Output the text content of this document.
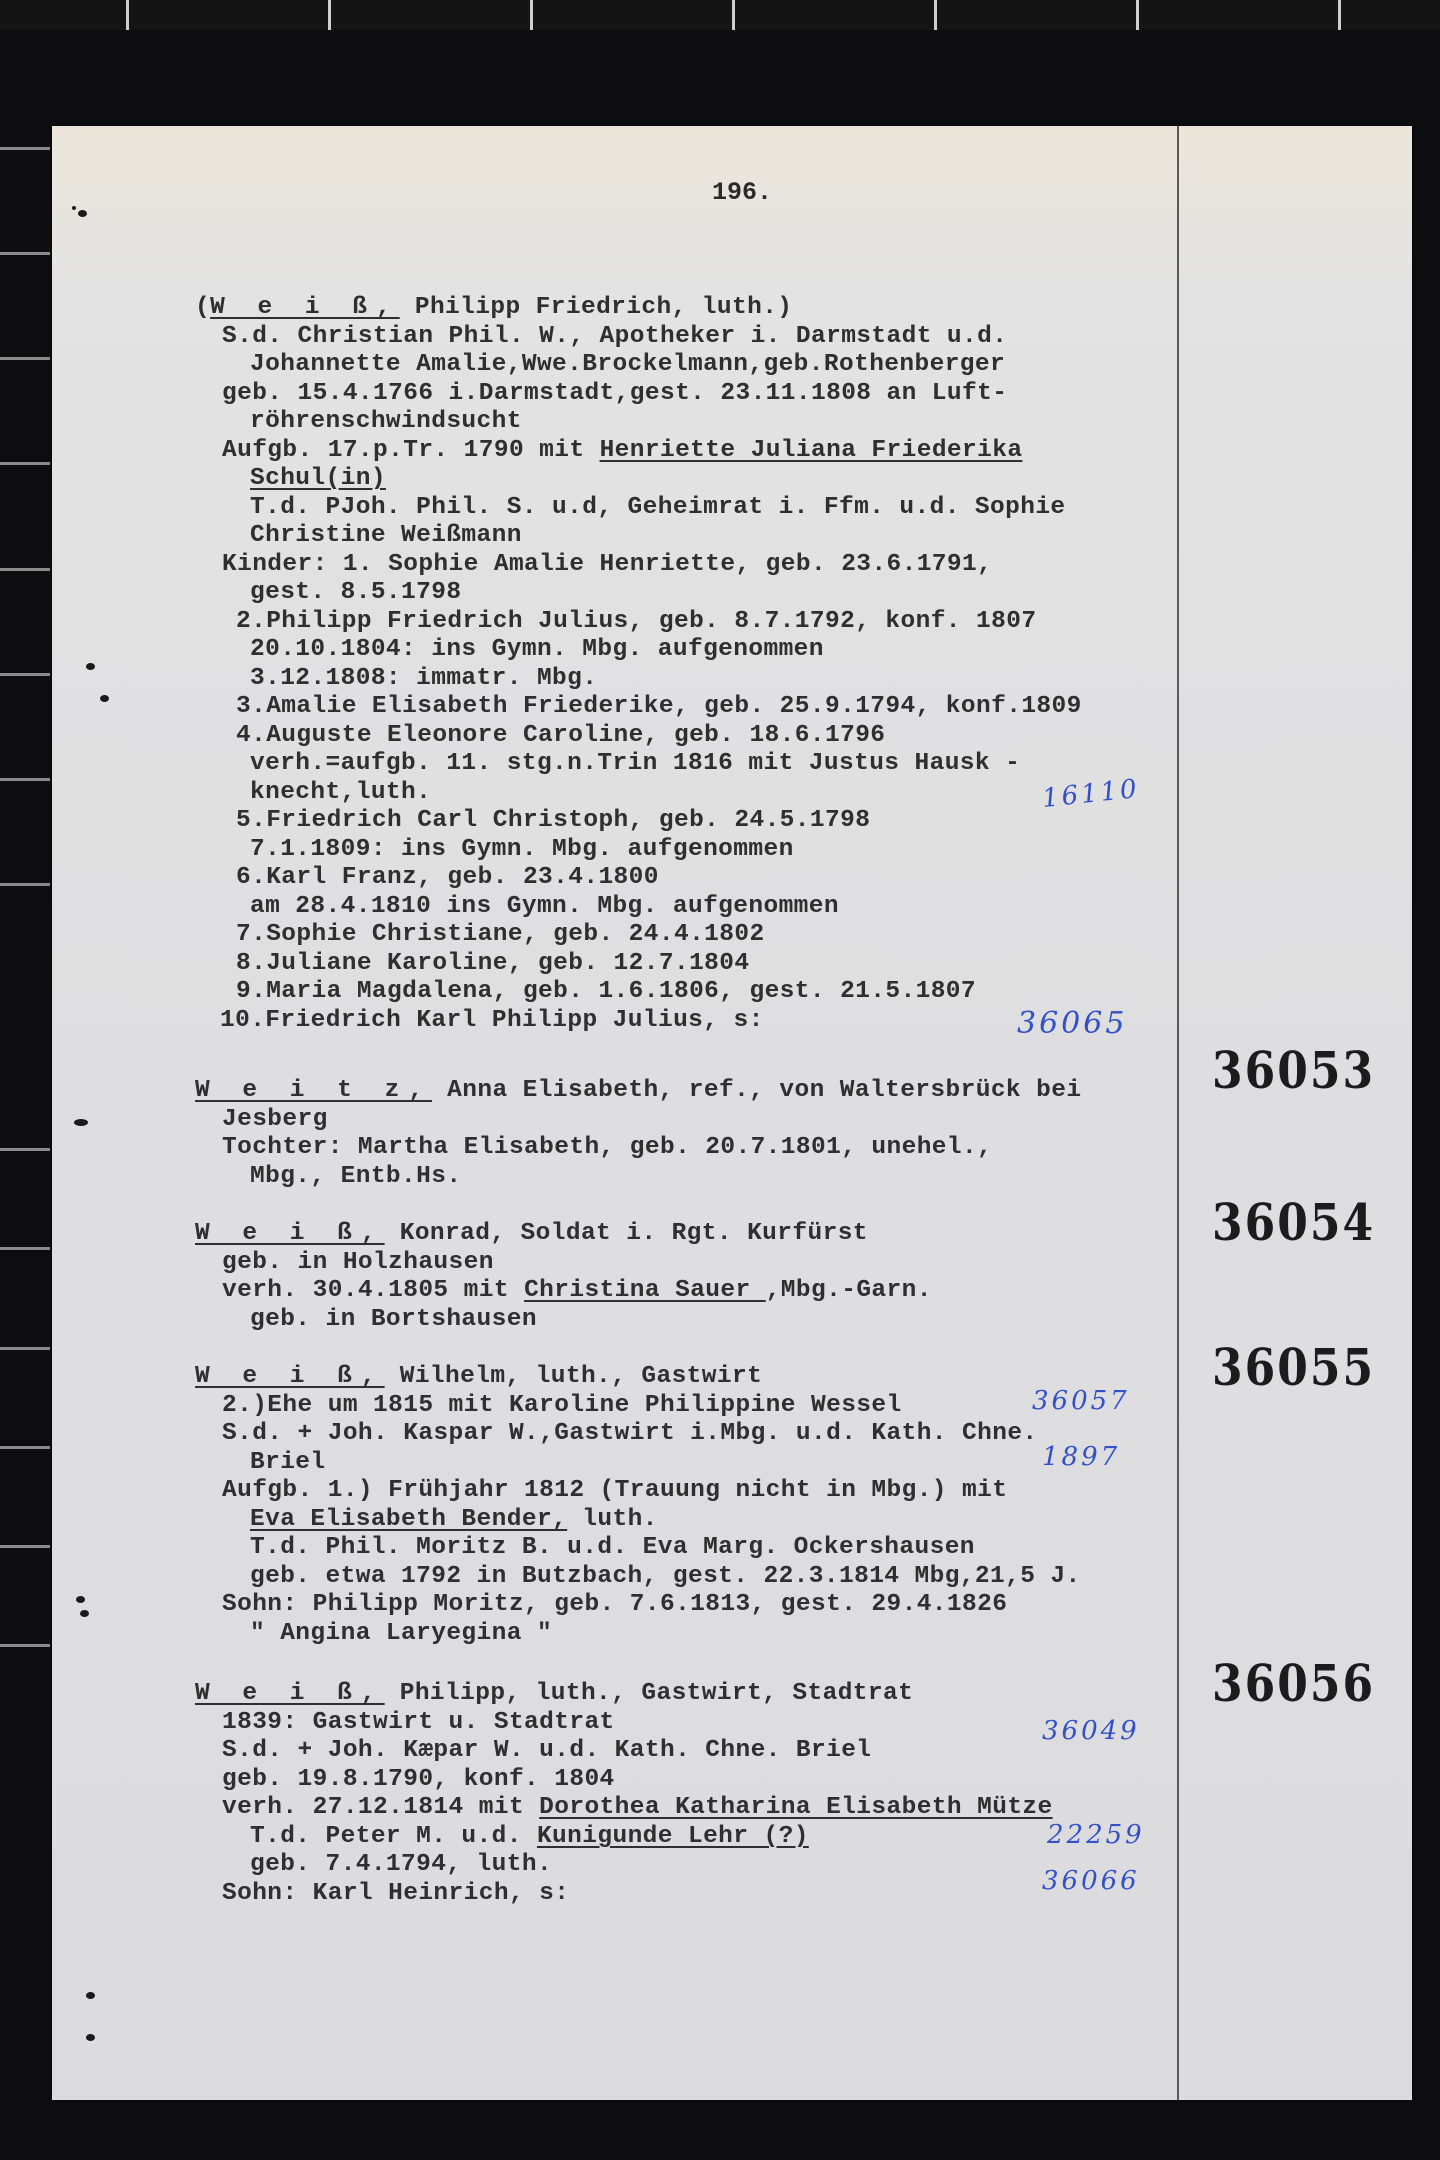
196.
(W e i ß, Philipp Friedrich, luth.)
S.d. Christian Phil. W., Apotheker i. Darmstadt u.d.
Johannette Amalie,Wwe.Brockelmann,geb.Rothenberger
geb. 15.4.1766 i.Darmstadt,gest. 23.11.1808 an Luft-
röhrenschwindsucht
Aufgb. 17.p.Tr. 1790 mit Henriette Juliana Friederika
Schul(in)
T.d. PJoh. Phil. S. u.d, Geheimrat i. Ffm. u.d. Sophie
Christine Weißmann
Kinder: 1. Sophie Amalie Henriette, geb. 23.6.1791,
gest. 8.5.1798
2.Philipp Friedrich Julius, geb. 8.7.1792, konf. 1807
20.10.1804: ins Gymn. Mbg. aufgenommen
3.12.1808: immatr. Mbg.
3.Amalie Elisabeth Friederike, geb. 25.9.1794, konf.1809
4.Auguste Eleonore Caroline, geb. 18.6.1796
verh.=aufgb. 11. stg.n.Trin 1816 mit Justus Hausk -
knecht,luth.
5.Friedrich Carl Christoph, geb. 24.5.1798
7.1.1809: ins Gymn. Mbg. aufgenommen
6.Karl Franz, geb. 23.4.1800
am 28.4.1810 ins Gymn. Mbg. aufgenommen
7.Sophie Christiane, geb. 24.4.1802
8.Juliane Karoline, geb. 12.7.1804
9.Maria Magdalena, geb. 1.6.1806, gest. 21.5.1807
10.Friedrich Karl Philipp Julius, s:
16110
36065
36053
W e i t z, Anna Elisabeth, ref., von Waltersbrück bei
Jesberg
Tochter: Martha Elisabeth, geb. 20.7.1801, unehel.,
Mbg., Entb.Hs.
36054
W e i ß, Konrad, Soldat i. Rgt. Kurfürst
geb. in Holzhausen
verh. 30.4.1805 mit Christina Sauer ,Mbg.-Garn.
geb. in Bortshausen
36055
W e i ß, Wilhelm, luth., Gastwirt
2.)Ehe um 1815 mit Karoline Philippine Wessel
S.d. + Joh. Kaspar W.,Gastwirt i.Mbg. u.d. Kath. Chne.
Briel
Aufgb. 1.) Frühjahr 1812 (Trauung nicht in Mbg.) mit
Eva Elisabeth Bender, luth.
T.d. Phil. Moritz B. u.d. Eva Marg. Ockershausen
geb. etwa 1792 in Butzbach, gest. 22.3.1814 Mbg,21,5 J.
Sohn: Philipp Moritz, geb. 7.6.1813, gest. 29.4.1826
" Angina Laryegina "
36057
1897
36056
W e i ß, Philipp, luth., Gastwirt, Stadtrat
1839: Gastwirt u. Stadtrat
S.d. + Joh. Kæpar W. u.d. Kath. Chne. Briel
geb. 19.8.1790, konf. 1804
verh. 27.12.1814 mit Dorothea Katharina Elisabeth Mütze
T.d. Peter M. u.d. Kunigunde Lehr (?)
geb. 7.4.1794, luth.
Sohn: Karl Heinrich, s:
36049
22259
36066
